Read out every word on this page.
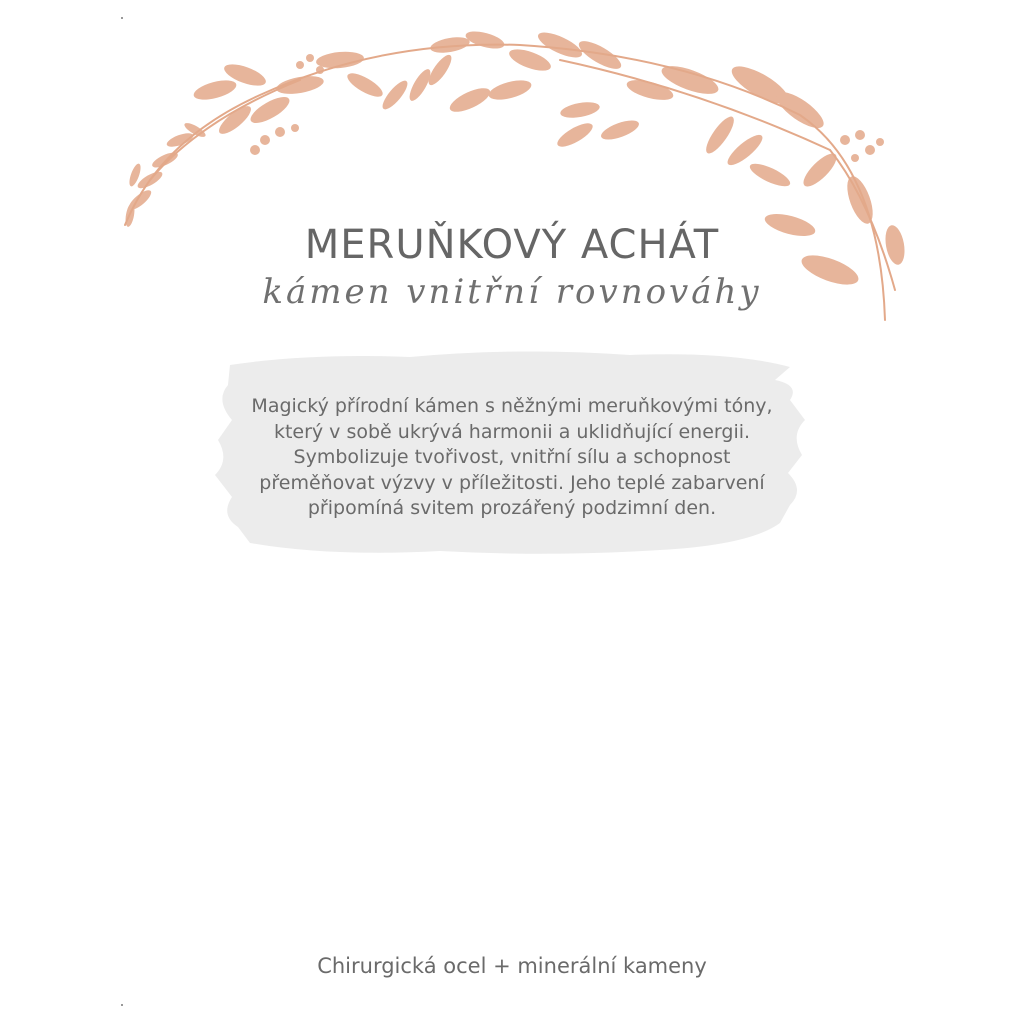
MERUŇKOVÝ ACHÁT
kámen vnitřní rovnováhy
Magický přírodní kámen s něžnými meruňkovými tóny,
který v sobě ukrývá harmonii a uklidňující energii.
Symbolizuje tvořivost, vnitřní sílu a schopnost
přeměňovat výzvy v příležitosti. Jeho teplé zabarvení
připomíná svitem prozářený podzimní den.
Chirurgická ocel + minerální kameny
